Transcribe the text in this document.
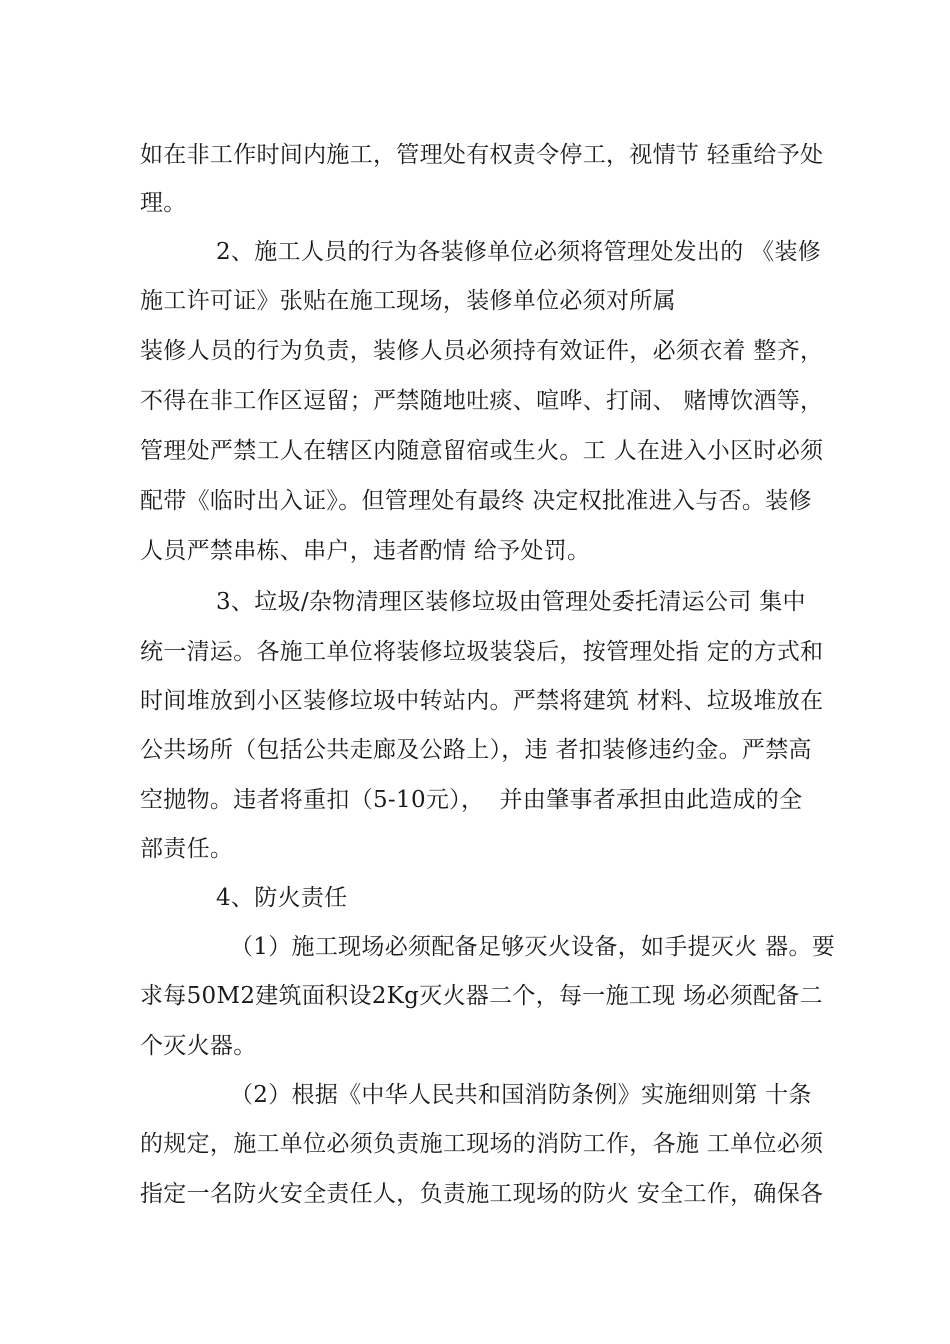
如在非工作时间内施工，管理处有权责令停工，视情节 轻重给予处
理。
2、施工人员的行为各装修单位必须将管理处发出的 《装修
施工许可证》张贴在施工现场，装修单位必须对所属
装修人员的行为负责，装修人员必须持有效证件，必须衣着 整齐，
不得在非工作区逗留；严禁随地吐痰、喧哗、打闹、 赌博饮酒等，
管理处严禁工人在辖区内随意留宿或生火。工 人在进入小区时必须
配带《临时出入证》。但管理处有最终 决定权批准进入与否。装修
人员严禁串栋、串户，违者酌情 给予处罚。
3、垃圾/杂物清理区装修垃圾由管理处委托清运公司 集中
统一清运。各施工单位将装修垃圾装袋后，按管理处指 定的方式和
时间堆放到小区装修垃圾中转站内。严禁将建筑 材料、垃圾堆放在
公共场所（包括公共走廊及公路上），违 者扣装修违约金。严禁高
空抛物。违者将重扣（5-10元），  并由肇事者承担由此造成的全
部责任。
4、防火责任
（1）施工现场必须配备足够灭火设备，如手提灭火 器。要
求每50M2建筑面积设2Kg灭火器二个，每一施工现 场必须配备二
个灭火器。
（2）根据《中华人民共和国消防条例》实施细则第 十条
的规定，施工单位必须负责施工现场的消防工作，各施 工单位必须
指定一名防火安全责任人，负责施工现场的防火 安全工作，确保各
